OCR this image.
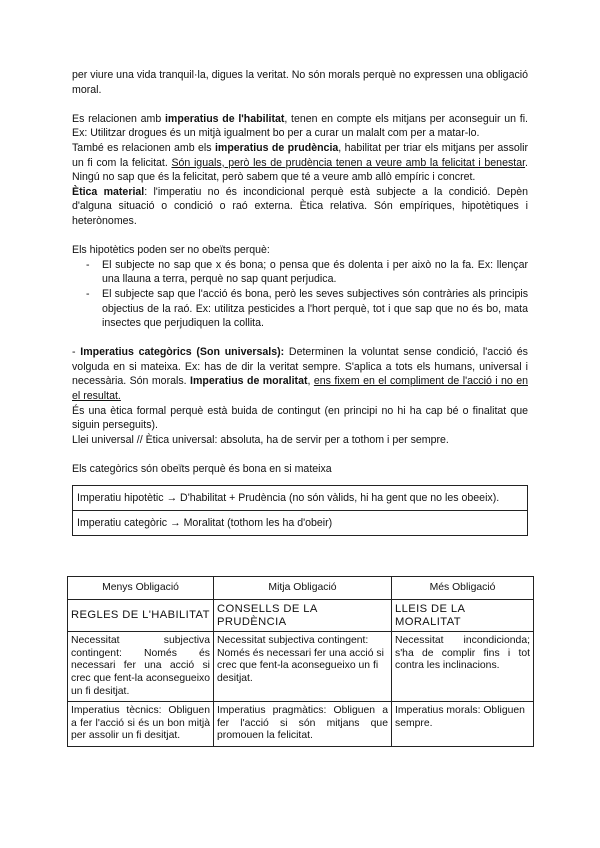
per viure una vida tranquil·la, digues la veritat. No són morals perquè no expressen una obligació moral.

Es relacionen amb imperatius de l'habilitat, tenen en compte els mitjans per aconseguir un fi. Ex: Utilitzar drogues és un mitjà igualment bo per a curar un malalt com per a matar-lo.

També es relacionen amb els imperatius de prudència, habilitat per triar els mitjans per assolir un fi com la felicitat. Són iguals, però les de prudència tenen a veure amb la felicitat i benestar. Ningú no sap que és la felicitat, però sabem que té a veure amb allò empíric i concret.

Ètica material: l'imperatiu no és incondicional perquè està subjecte a la condició. Depèn d'alguna situació o condició o raó externa. Ètica relativa. Són empíriques, hipotètiques i heterònomes.

Els hipotètics poden ser no obeïts perquè:

- El subjecte no sap que x és bona; o pensa que és dolenta i per això no la fa. Ex: llençar una llauna a terra, perquè no sap quant perjudica.
- El subjecte sap que l'acció és bona, però les seves subjectives són contràries als principis objectius de la raó. Ex: utilitza pesticides a l'hort perquè, tot i que sap que no és bo, mata insectes que perjudiquen la collita.

- Imperatius categòrics (Son universals): Determinen la voluntat sense condició, l'acció és volguda en si mateixa. Ex: has de dir la veritat sempre. S'aplica a tots els humans, universal i necessària. Són morals. Imperatius de moralitat, ens fixem en el compliment de l'acció i no en el resultat.

És una ètica formal perquè està buida de contingut (en principi no hi ha cap bé o finalitat que siguin perseguits).

Llei universal // Ètica universal: absoluta, ha de servir per a tothom i per sempre.

Els categòrics són obeïts perquè és bona en si mateixa

Imperatiu hipotètic → D'habilitat + Prudència (no són vàlids, hi ha gent que no les obeeix).
Imperatiu categòric → Moralitat (tothom les ha d'obeir)
Menys Obligació	Mitja Obligació	Més Obligació
REGLES DE L'HABILITAT	CONSELLS DE LA PRUDÈNCIA	LLEIS DE LA MORALITAT
Necessitat subjectiva contingent: Només és necessari fer una acció si crec que fent-la aconsegueixo un fi desitjat.	Necessitat subjectiva contingent: Només és necessari fer una acció si crec que fent-la aconsegueixo un fi desitjat.	Necessitat incondicionda; s'ha de complir fins i tot contra les inclinacions.
Imperatius tècnics: Obliguen a fer l'acció si és un bon mitjà per assolir un fi desitjat.	Imperatius pragmàtics: Obliguen a fer l'acció si són mitjans que promouen la felicitat.	Imperatius morals: Obliguen sempre.
